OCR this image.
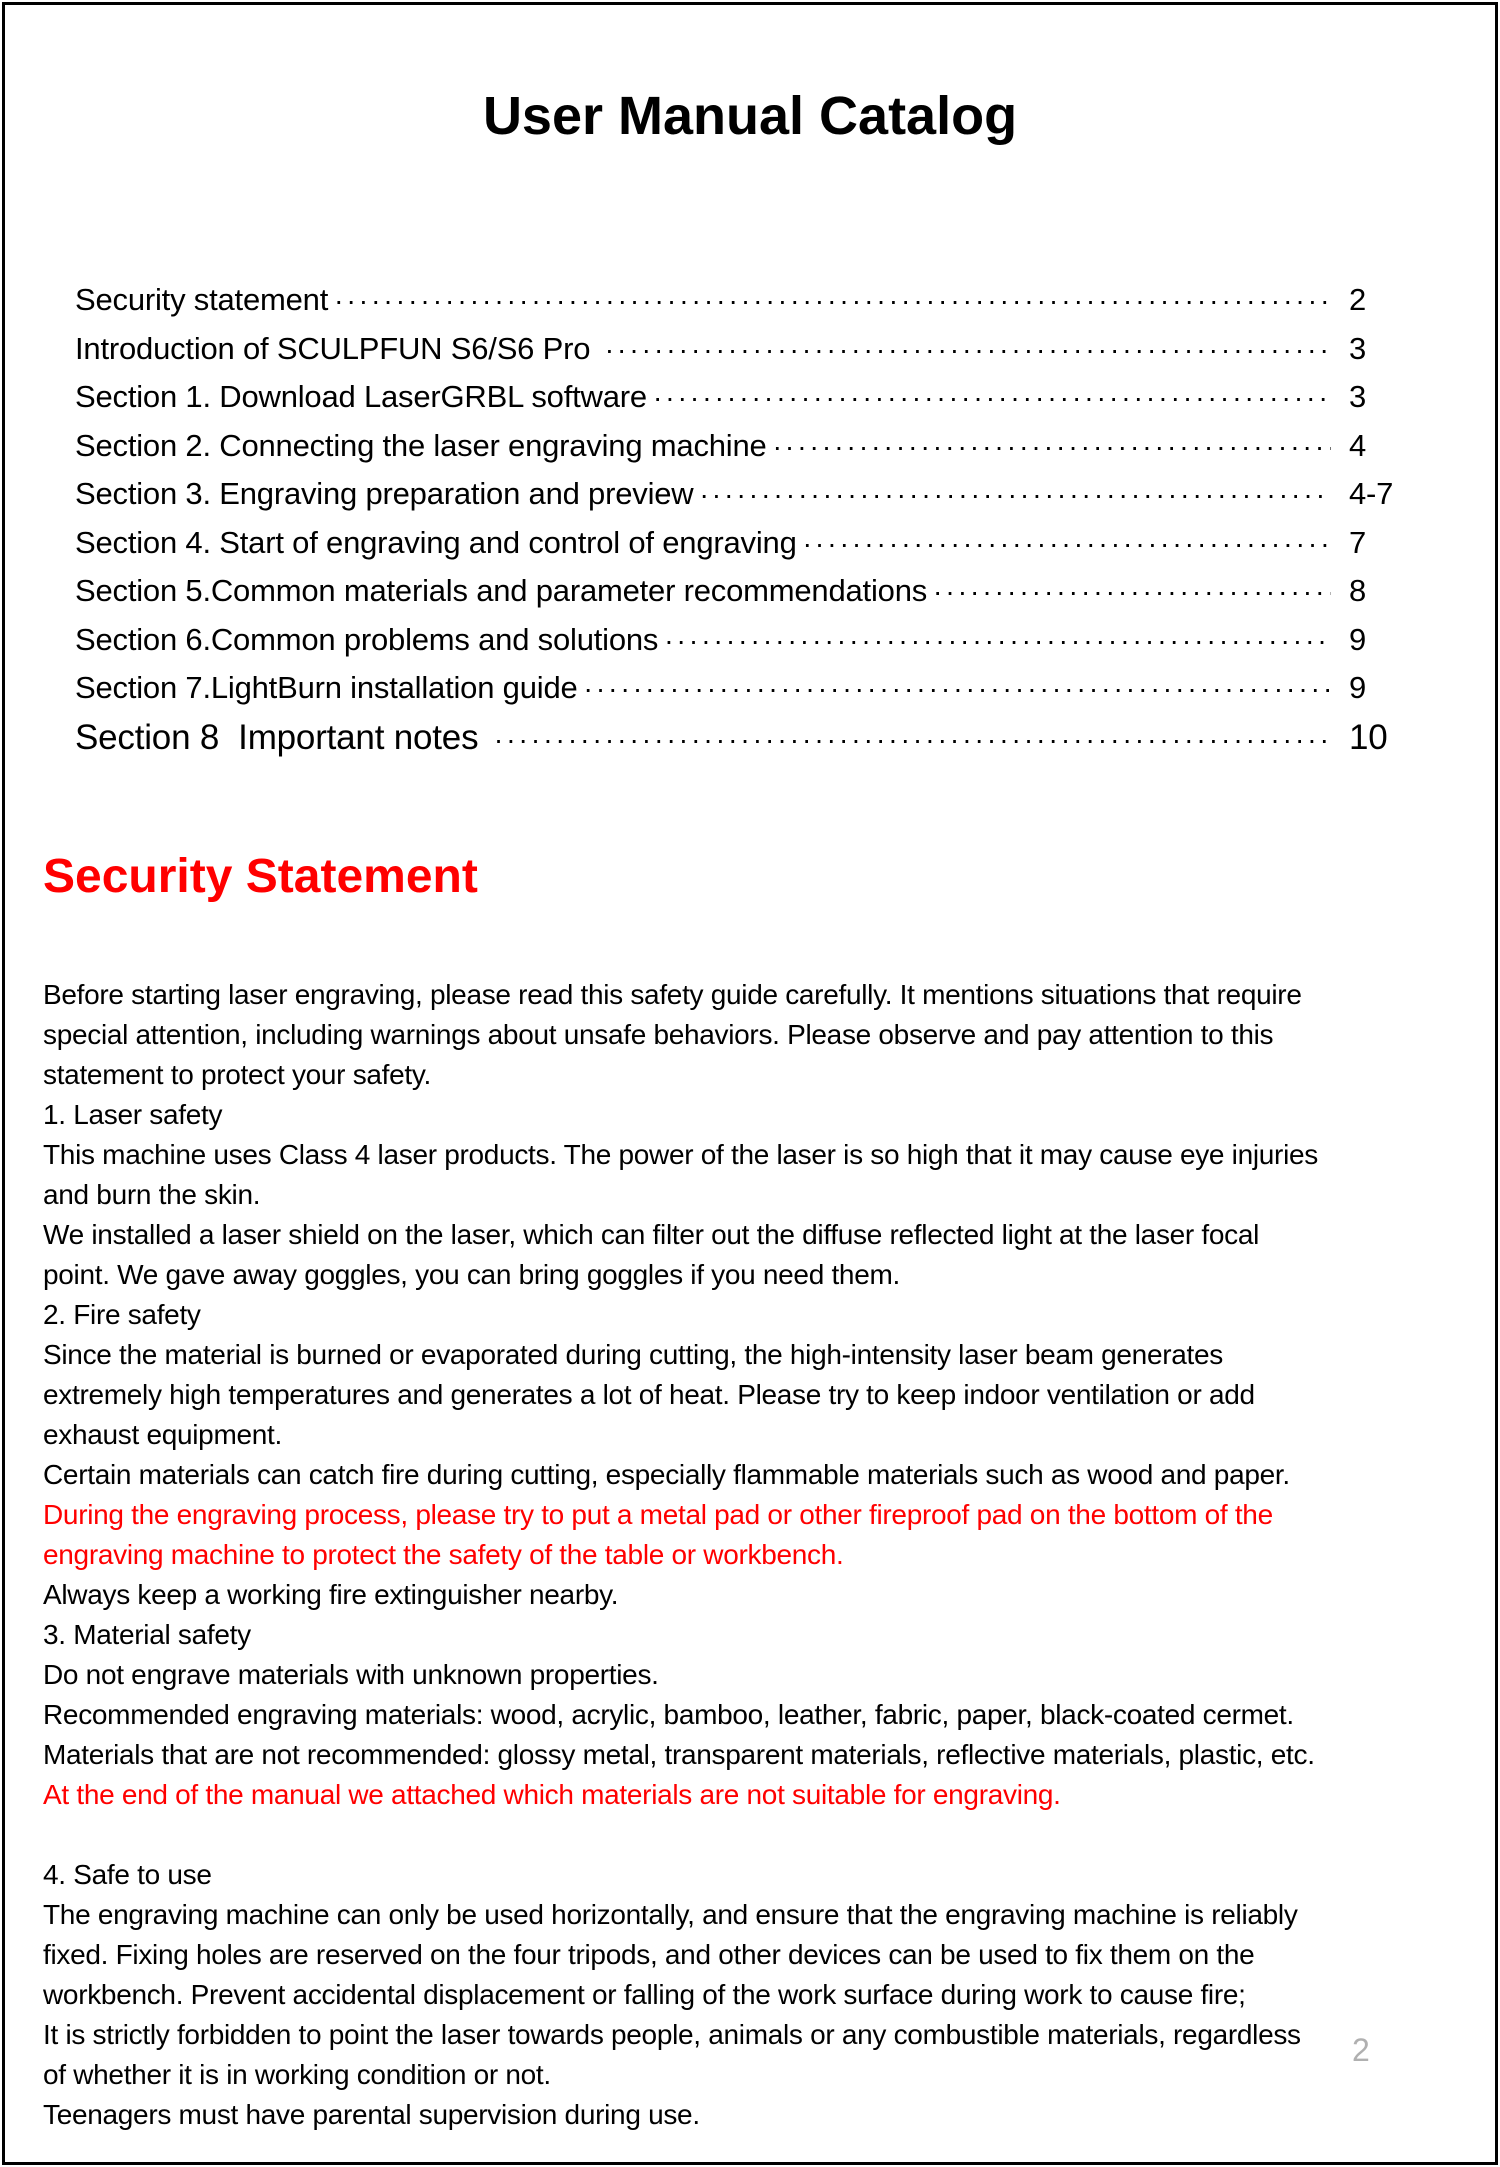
User Manual Catalog
Security statement ·····	2
Introduction of SCULPFUN S6/S6 Pro ·····	3
Section 1. Download LaserGRBL software ·····	3
Section 2. Connecting the laser engraving machine ·····	4
Section 3. Engraving preparation and preview ·····	4-7
Section 4. Start of engraving and control of engraving ·····	7
Section 5.Common materials and parameter recommendations ·····	8
Section 6.Common problems and solutions ·····	9
Section 7.LightBurn installation guide ·····	9
Section 8  Important notes ·····	10
Security Statement
Before starting laser engraving, please read this safety guide carefully. It mentions situations that require
special attention, including warnings about unsafe behaviors. Please observe and pay attention to this
statement to protect your safety.
1. Laser safety
This machine uses Class 4 laser products. The power of the laser is so high that it may cause eye injuries
and burn the skin.
We installed a laser shield on the laser, which can filter out the diffuse reflected light at the laser focal
point. We gave away goggles, you can bring goggles if you need them.
2. Fire safety
Since the material is burned or evaporated during cutting, the high-intensity laser beam generates
extremely high temperatures and generates a lot of heat. Please try to keep indoor ventilation or add
exhaust equipment.
Certain materials can catch fire during cutting, especially flammable materials such as wood and paper.
During the engraving process, please try to put a metal pad or other fireproof pad on the bottom of the
engraving machine to protect the safety of the table or workbench.
Always keep a working fire extinguisher nearby.
3. Material safety
Do not engrave materials with unknown properties.
Recommended engraving materials: wood, acrylic, bamboo, leather, fabric, paper, black-coated cermet.
Materials that are not recommended: glossy metal, transparent materials, reflective materials, plastic, etc.
At the end of the manual we attached which materials are not suitable for engraving.
4. Safe to use
The engraving machine can only be used horizontally, and ensure that the engraving machine is reliably
fixed. Fixing holes are reserved on the four tripods, and other devices can be used to fix them on the
workbench. Prevent accidental displacement or falling of the work surface during work to cause fire;
It is strictly forbidden to point the laser towards people, animals or any combustible materials, regardless
of whether it is in working condition or not.
Teenagers must have parental supervision during use.
2
